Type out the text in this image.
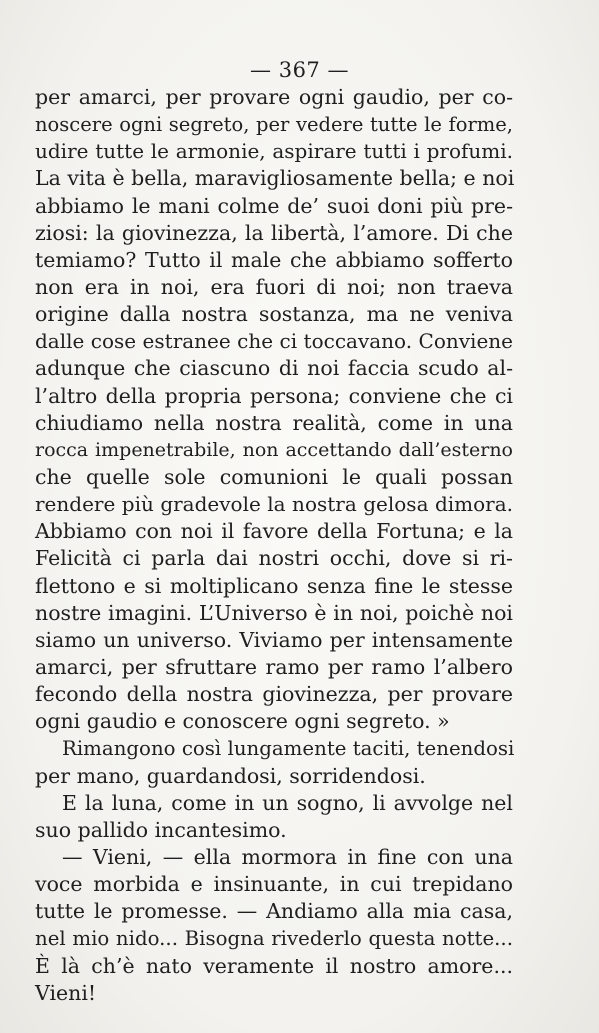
— 367 —
per amarci, per provare ogni gaudio, per co-
noscere ogni segreto, per vedere tutte le forme,
udire tutte le armonie, aspirare tutti i profumi.
La vita è bella, maravigliosamente bella; e noi
abbiamo le mani colme de’ suoi doni più pre-
ziosi: la giovinezza, la libertà, l’amore. Di che
temiamo? Tutto il male che abbiamo sofferto
non era in noi, era fuori di noi; non traeva
origine dalla nostra sostanza, ma ne veniva
dalle cose estranee che ci toccavano. Conviene
adunque che ciascuno di noi faccia scudo al-
l’altro della propria persona; conviene che ci
chiudiamo nella nostra realità, come in una
rocca impenetrabile, non accettando dall’esterno
che quelle sole comunioni le quali possan
rendere più gradevole la nostra gelosa dimora.
Abbiamo con noi il favore della Fortuna; e la
Felicità ci parla dai nostri occhi, dove si ri-
flettono e si moltiplicano senza fine le stesse
nostre imagini. L’Universo è in noi, poichè noi
siamo un universo. Viviamo per intensamente
amarci, per sfruttare ramo per ramo l’albero
fecondo della nostra giovinezza, per provare
ogni gaudio e conoscere ogni segreto. »
Rimangono così lungamente taciti, tenendosi
per mano, guardandosi, sorridendosi.
E la luna, come in un sogno, li avvolge nel
suo pallido incantesimo.
— Vieni, — ella mormora in fine con una
voce morbida e insinuante, in cui trepidano
tutte le promesse. — Andiamo alla mia casa,
nel mio nido... Bisogna rivederlo questa notte...
È là ch’è nato veramente il nostro amore...
Vieni!
